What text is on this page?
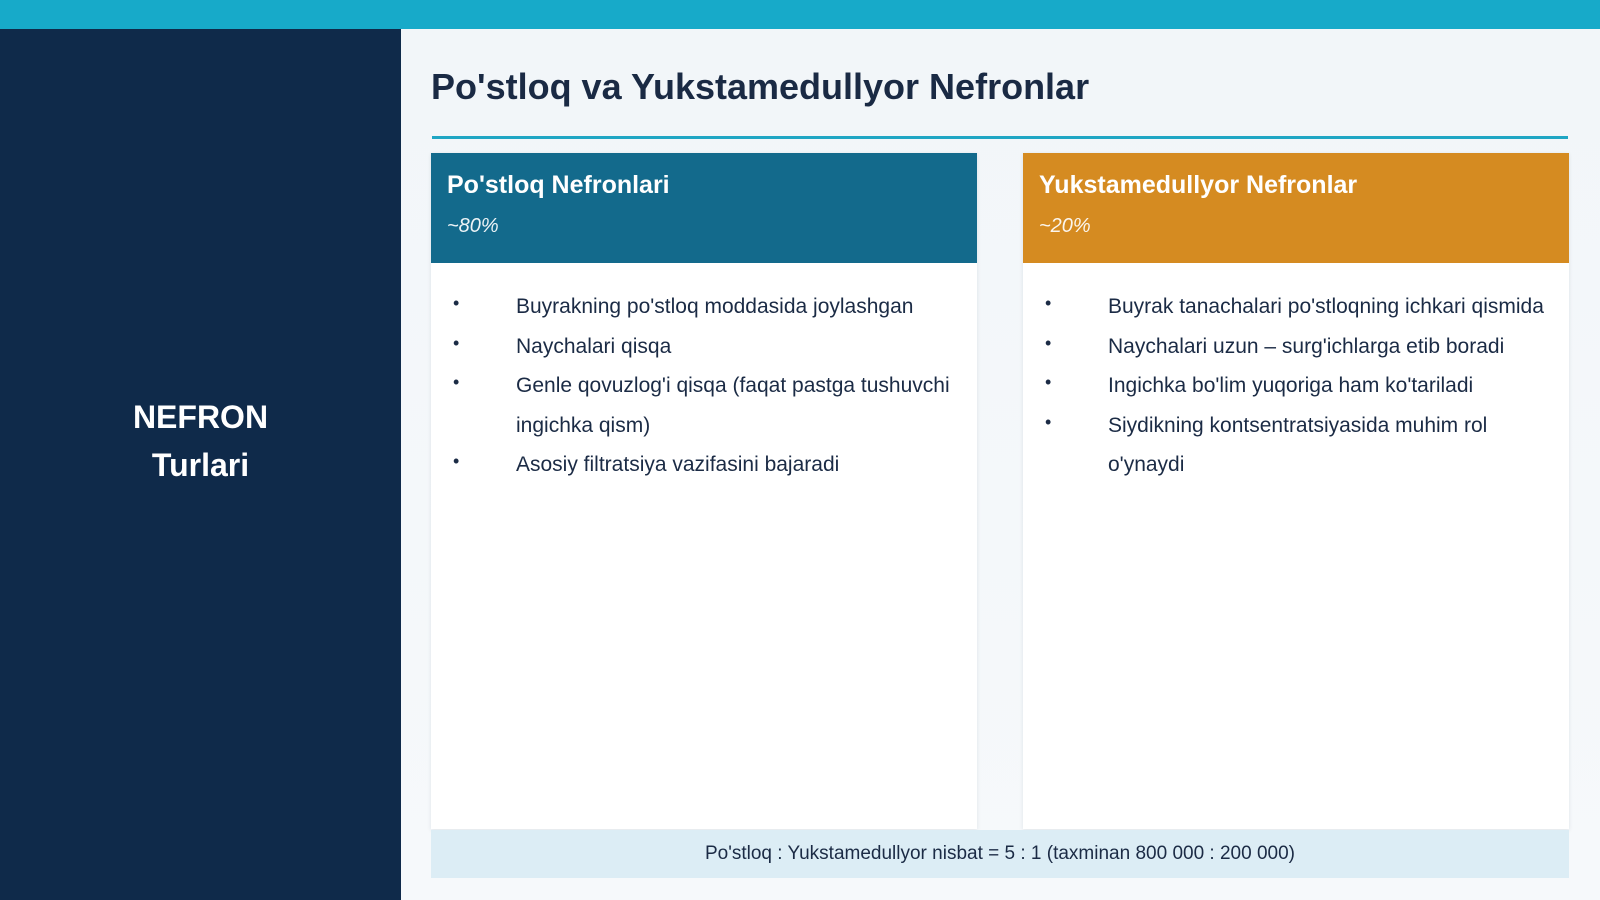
NEFRON
Turlari
Po'stloq va Yukstamedullyor Nefronlar
Po'stloq Nefronlari
~80%
•	Buyrakning po'stloq moddasida joylashgan
•	Naychalari qisqa
•	Genle qovuzlog'i qisqa (faqat pastga tushuvchi ingichka qism)
•	Asosiy filtratsiya vazifasini bajaradi
Yukstamedullyor Nefronlar
~20%
•	Buyrak tanachalari po'stloqning ichkari qismida
•	Naychalari uzun – surg'ichlarga etib boradi
•	Ingichka bo'lim yuqoriga ham ko'tariladi
•	Siydikning kontsentratsiyasida muhim rol o'ynaydi
Po'stloq : Yukstamedullyor nisbat = 5 : 1 (taxminan 800 000 : 200 000)
